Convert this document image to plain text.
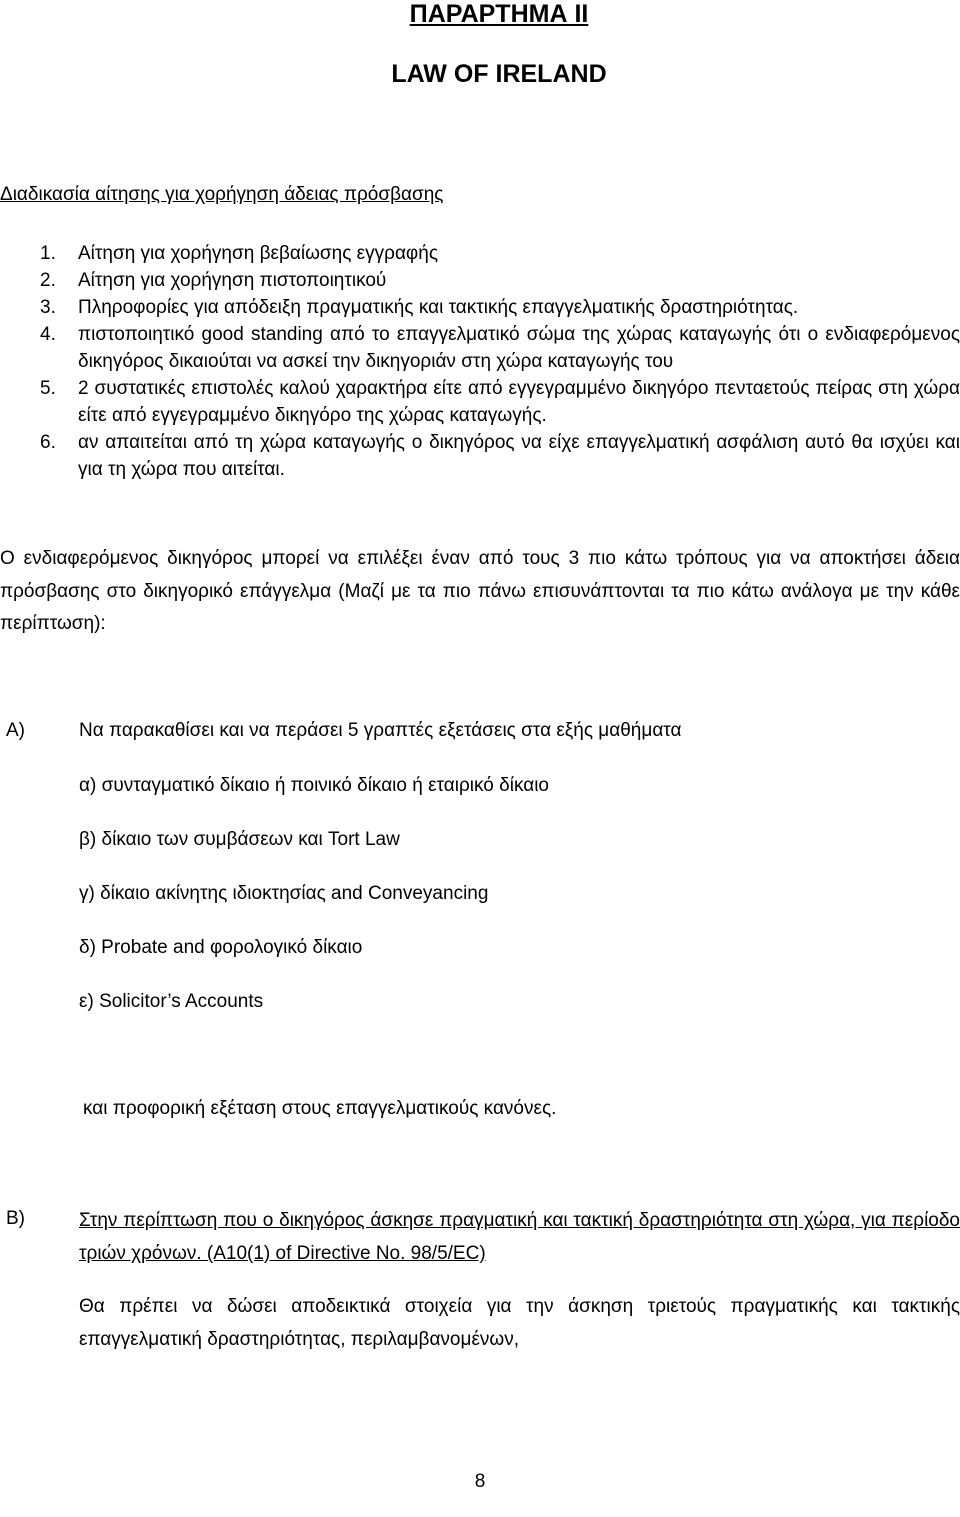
ΠΑΡΑΡΤΗΜΑ ΙΙ
LAW OF IRELAND
Διαδικασία αίτησης για χορήγηση άδειας πρόσβασης
1. Αίτηση για χορήγηση βεβαίωσης εγγραφής
2. Αίτηση για χορήγηση πιστοποιητικού
3. Πληροφορίες για απόδειξη πραγματικής και τακτικής επαγγελματικής δραστηριότητας.
4. πιστοποιητικό good standing από το επαγγελματικό σώμα της χώρας καταγωγής ότι ο ενδιαφερόμενος δικηγόρος δικαιούται να ασκεί την δικηγοριάν στη χώρα καταγωγής του
5. 2 συστατικές επιστολές καλού χαρακτήρα είτε από εγγεγραμμένο δικηγόρο πενταετούς πείρας στη χώρα είτε από εγγεγραμμένο δικηγόρο της χώρας καταγωγής.
6. αν απαιτείται από τη χώρα καταγωγής ο δικηγόρος να είχε επαγγελματική ασφάλιση αυτό θα ισχύει και για τη χώρα που αιτείται.
Ο ενδιαφερόμενος δικηγόρος μπορεί να επιλέξει έναν από τους 3 πιο κάτω τρόπους για να αποκτήσει άδεια πρόσβασης στο δικηγορικό επάγγελμα (Μαζί με τα πιο πάνω επισυνάπτονται τα πιο κάτω ανάλογα με την κάθε περίπτωση):
A)	Να παρακαθίσει και να περάσει 5 γραπτές εξετάσεις στα εξής μαθήματα
α) συνταγματικό δίκαιο ή ποινικό δίκαιο ή εταιρικό δίκαιο
β) δίκαιο των συμβάσεων και Tort Law
γ) δίκαιο ακίνητης ιδιοκτησίας and Conveyancing
δ) Probate and φορολογικό δίκαιο
ε) Solicitor’s Accounts
και προφορική εξέταση στους επαγγελματικούς κανόνες.
B)	Στην περίπτωση που ο δικηγόρος άσκησε πραγματική και τακτική δραστηριότητα στη χώρα, για περίοδο τριών χρόνων. (A10(1) of Directive No. 98/5/EC)
Θα πρέπει να δώσει αποδεικτικά στοιχεία για την άσκηση τριετούς πραγματικής και τακτικής επαγγελματική δραστηριότητας, περιλαμβανομένων,
8
